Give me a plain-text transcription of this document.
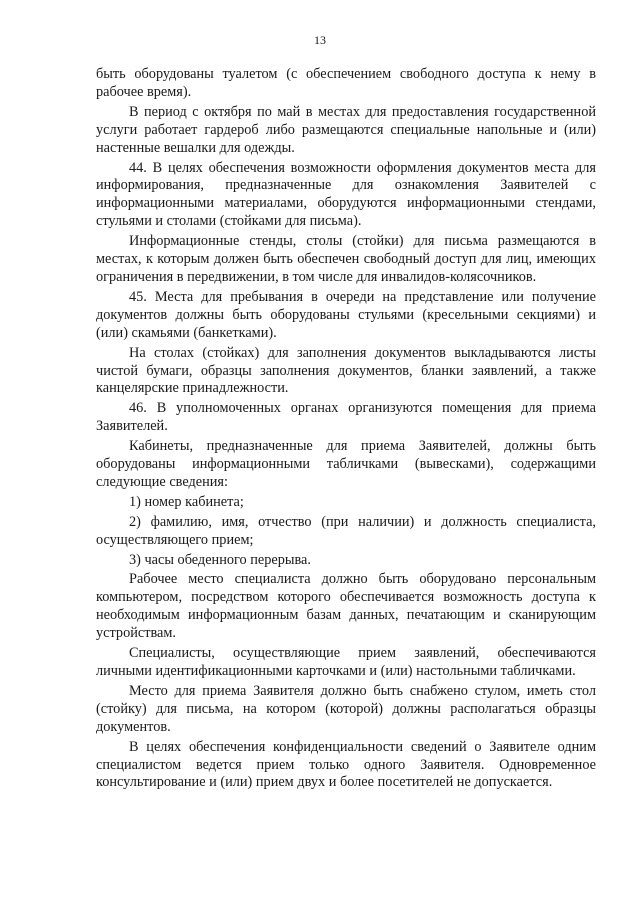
13

быть оборудованы туалетом (с обеспечением свободного доступа к нему в рабочее время).

В период с октября по май в местах для предоставления государственной услуги работает гардероб либо размещаются специальные напольные и (или) настенные вешалки для одежды.

44. В целях обеспечения возможности оформления документов места для информирования, предназначенные для ознакомления Заявителей с информационными материалами, оборудуются информационными стендами, стульями и столами (стойками для письма).

Информационные стенды, столы (стойки) для письма размещаются в местах, к которым должен быть обеспечен свободный доступ для лиц, имеющих ограничения в передвижении, в том числе для инвалидов-колясочников.

45. Места для пребывания в очереди на представление или получение документов должны быть оборудованы стульями (кресельными секциями) и (или) скамьями (банкетками).

На столах (стойках) для заполнения документов выкладываются листы чистой бумаги, образцы заполнения документов, бланки заявлений, а также канцелярские принадлежности.

46. В уполномоченных органах организуются помещения для приема Заявителей.

Кабинеты, предназначенные для приема Заявителей, должны быть оборудованы информационными табличками (вывесками), содержащими следующие сведения:

1) номер кабинета;

2) фамилию, имя, отчество (при наличии) и должность специалиста, осуществляющего прием;

3) часы обеденного перерыва.

Рабочее место специалиста должно быть оборудовано персональным компьютером, посредством которого обеспечивается возможность доступа к необходимым информационным базам данных, печатающим и сканирующим устройствам.

Специалисты, осуществляющие прием заявлений, обеспечиваются личными идентификационными карточками и (или) настольными табличками.

Место для приема Заявителя должно быть снабжено стулом, иметь стол (стойку) для письма, на котором (которой) должны располагаться образцы документов.

В целях обеспечения конфиденциальности сведений о Заявителе одним специалистом ведется прием только одного Заявителя. Одновременное консультирование и (или) прием двух и более посетителей не допускается.
